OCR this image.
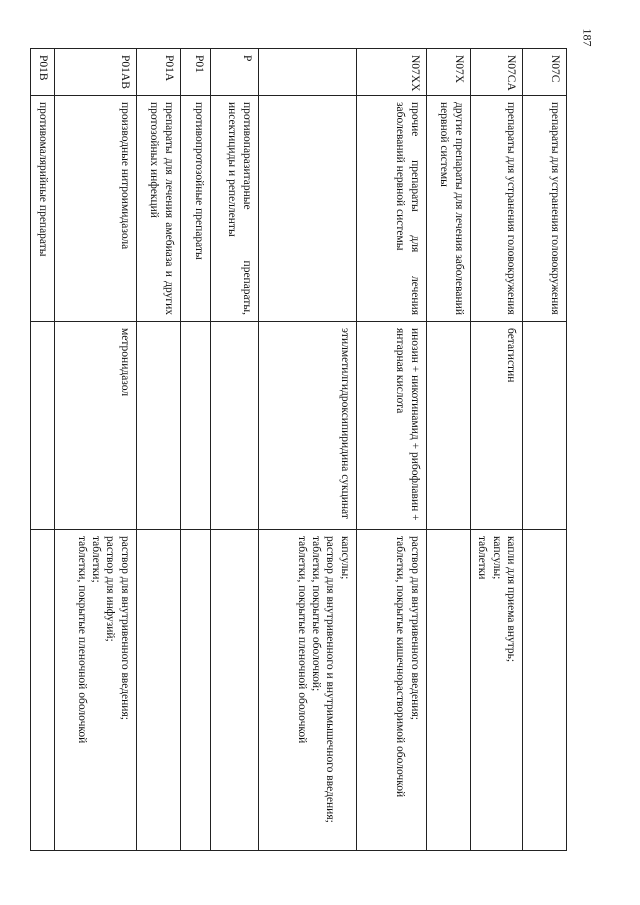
187
N07C	препараты для устранения головокружения		
N07CA	препараты для устранения головокружения	бетагистин	капли для приема внутрь;
капсулы;
таблетки

N07X	другие препараты для лечения заболеваний нервной системы		
N07XX	прочие препараты для лечения заболеваний нервной системы	инозин + никотинамид + рибофлавин + янтарная кислота	раствор для внутривенного введения;
таблетки, покрытые кишечнорастворимой оболочкой

		этилметилгидроксипиридина сукцинат	капсулы;
раствор для внутривенного и внутримышечного введения;
таблетки, покрытые оболочкой;
таблетки, покрытые пленочной оболочкой

P	противопаразитарные препараты, инсектициды и репелленты		
P01	противопротозойные препараты		
P01A	препараты для лечения амебиаза и других протозойных инфекций		
P01AB	производные нитроимидазола	метронидазол	раствор для внутривенного введения;
раствор для инфузий;
таблетки;
таблетки, покрытые пленочной оболочкой

P01B	противомалярийные препараты		
